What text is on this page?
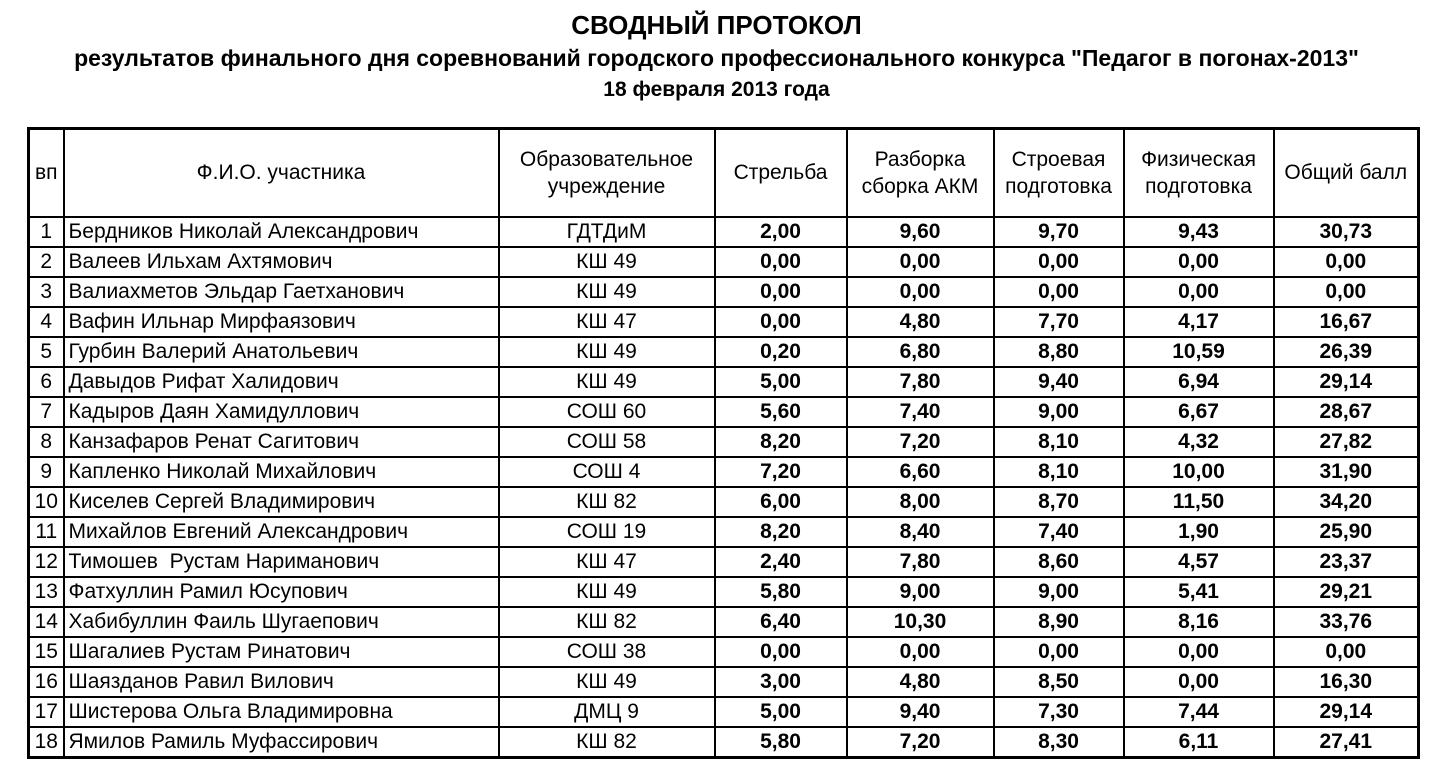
СВОДНЫЙ ПРОТОКОЛ
результатов финального дня соревнований городского профессионального конкурса "Педагог в погонах-2013"
18 февраля 2013 года
вп	Ф.И.О. участника	Образовательное учреждение	Стрельба	Разборка сборка АКМ	Строевая подготовка	Физическая подготовка	Общий балл
1	Бердников Николай Александрович	ГДТДиМ	2,00	9,60	9,70	9,43	30,73
2	Валеев Ильхам Ахтямович	КШ 49	0,00	0,00	0,00	0,00	0,00
3	Валиахметов Эльдар Гаетханович	КШ 49	0,00	0,00	0,00	0,00	0,00
4	Вафин Ильнар Мирфаязович	КШ 47	0,00	4,80	7,70	4,17	16,67
5	Гурбин Валерий Анатольевич	КШ 49	0,20	6,80	8,80	10,59	26,39
6	Давыдов Рифат Халидович	КШ 49	5,00	7,80	9,40	6,94	29,14
7	Кадыров Даян Хамидуллович	СОШ 60	5,60	7,40	9,00	6,67	28,67
8	Канзафаров Ренат Сагитович	СОШ 58	8,20	7,20	8,10	4,32	27,82
9	Капленко Николай Михайлович	СОШ 4	7,20	6,60	8,10	10,00	31,90
10	Киселев Сергей Владимирович	КШ 82	6,00	8,00	8,70	11,50	34,20
11	Михайлов Евгений Александрович	СОШ 19	8,20	8,40	7,40	1,90	25,90
12	Тимошев  Рустам Нариманович	КШ 47	2,40	7,80	8,60	4,57	23,37
13	Фатхуллин Рамил Юсупович	КШ 49	5,80	9,00	9,00	5,41	29,21
14	Хабибуллин Фаиль Шугаепович	КШ 82	6,40	10,30	8,90	8,16	33,76
15	Шагалиев Рустам Ринатович	СОШ 38	0,00	0,00	0,00	0,00	0,00
16	Шаязданов Равил Вилович	КШ 49	3,00	4,80	8,50	0,00	16,30
17	Шистерова Ольга Владимировна	ДМЦ 9	5,00	9,40	7,30	7,44	29,14
18	Ямилов Рамиль Муфассирович	КШ 82	5,80	7,20	8,30	6,11	27,41
